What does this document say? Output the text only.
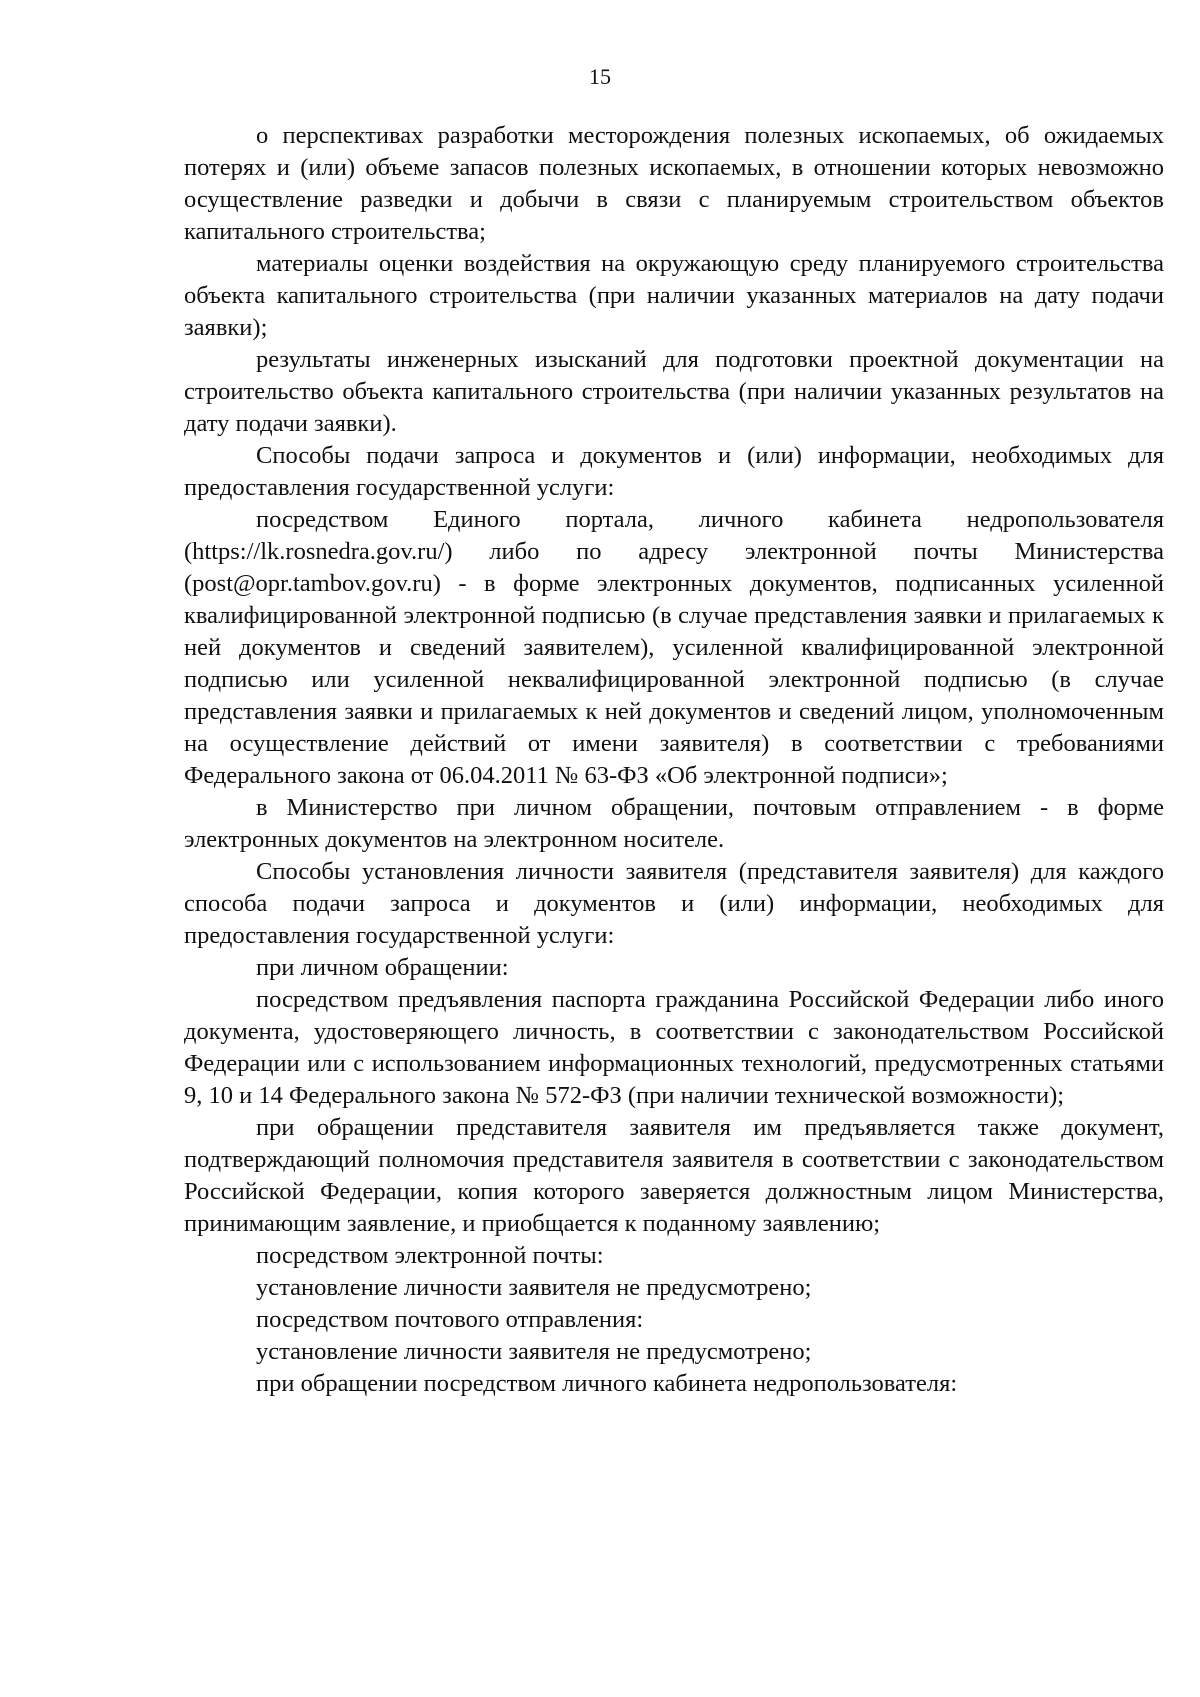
15

о перспективах разработки месторождения полезных ископаемых, об ожидаемых потерях и (или) объеме запасов полезных ископаемых, в отношении которых невозможно осуществление разведки и добычи в связи с планируемым строительством объектов капитального строительства;

материалы оценки воздействия на окружающую среду планируемого строительства объекта капитального строительства (при наличии указанных материалов на дату подачи заявки);

результаты инженерных изысканий для подготовки проектной документации на строительство объекта капитального строительства (при наличии указанных результатов на дату подачи заявки).

Способы подачи запроса и документов и (или) информации, необходимых для предоставления государственной услуги:

посредством Единого портала, личного кабинета недропользователя (https://lk.rosnedra.gov.ru/) либо по адресу электронной почты Министерства (post@opr.tambov.gov.ru) - в форме электронных документов, подписанных усиленной квалифицированной электронной подписью (в случае представления заявки и прилагаемых к ней документов и сведений заявителем), усиленной квалифицированной электронной подписью или усиленной неквалифицированной электронной подписью (в случае представления заявки и прилагаемых к ней документов и сведений лицом, уполномоченным на осуществление действий от имени заявителя) в соответствии с требованиями Федерального закона от 06.04.2011 № 63-ФЗ «Об электронной подписи»;

в Министерство при личном обращении, почтовым отправлением - в форме электронных документов на электронном носителе.

Способы установления личности заявителя (представителя заявителя) для каждого способа подачи запроса и документов и (или) информации, необходимых для предоставления государственной услуги:

при личном обращении:

посредством предъявления паспорта гражданина Российской Федерации либо иного документа, удостоверяющего личность, в соответствии с законодательством Российской Федерации или с использованием информационных технологий, предусмотренных статьями 9, 10 и 14 Федерального закона № 572-ФЗ (при наличии технической возможности);

при обращении представителя заявителя им предъявляется также документ, подтверждающий полномочия представителя заявителя в соответствии с законодательством Российской Федерации, копия которого заверяется должностным лицом Министерства, принимающим заявление, и приобщается к поданному заявлению;

посредством электронной почты:

установление личности заявителя не предусмотрено;

посредством почтового отправления:

установление личности заявителя не предусмотрено;

при обращении посредством личного кабинета недропользователя:
